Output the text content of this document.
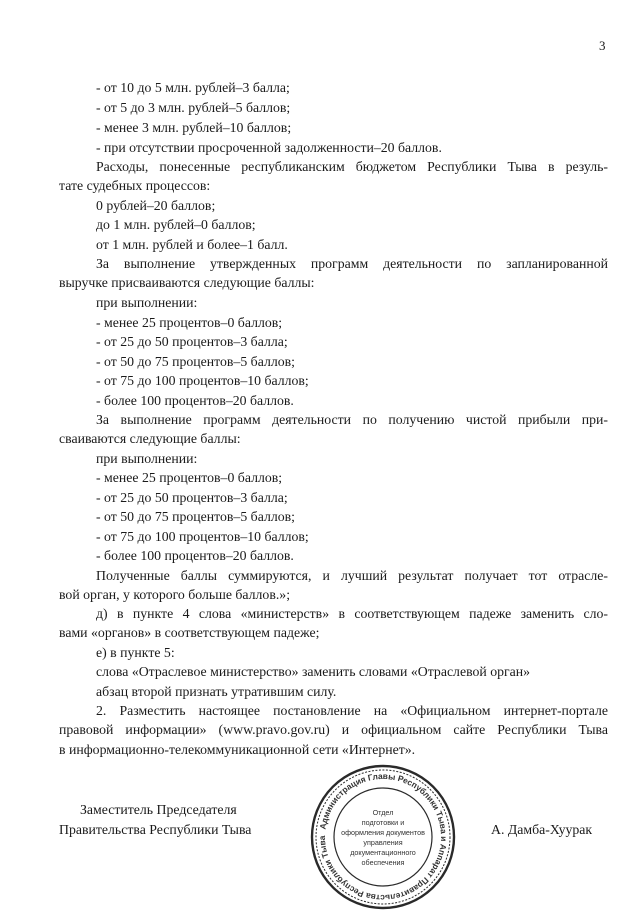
3
- от 10 до 5 млн. рублей–3 балла;
- от 5 до 3 млн. рублей–5 баллов;
- менее 3 млн. рублей–10 баллов;
- при отсутствии просроченной задолженности–20 баллов.
Расходы, понесенные республиканским бюджетом Республики Тыва в резуль-
тате судебных процессов:
0 рублей–20 баллов;
до 1 млн. рублей–0 баллов;
от 1 млн. рублей и более–1 балл.
За выполнение утвержденных программ деятельности по запланированной
выручке присваиваются следующие баллы:
при выполнении:
- менее 25 процентов–0 баллов;
- от 25 до 50 процентов–3 балла;
- от 50 до 75 процентов–5 баллов;
- от 75 до 100 процентов–10 баллов;
- более 100 процентов–20 баллов.
За выполнение программ деятельности по получению чистой прибыли при-
сваиваются следующие баллы:
при выполнении:
- менее 25 процентов–0 баллов;
- от 25 до 50 процентов–3 балла;
- от 50 до 75 процентов–5 баллов;
- от 75 до 100 процентов–10 баллов;
- более 100 процентов–20 баллов.
Полученные баллы суммируются, и лучший результат получает тот отрасле-
вой орган, у которого больше баллов.»;
д) в пункте 4 слова «министерств» в соответствующем падеже заменить сло-
вами «органов» в соответствующем падеже;
е) в пункте 5:
слова «Отраслевое министерство» заменить словами «Отраслевой орган»
абзац второй признать утратившим силу.
2. Разместить настоящее постановление на «Официальном интернет-портале
правовой информации» (www.pravo.gov.ru) и официальном сайте Республики Тыва
в информационно-телекоммуникационной сети «Интернет».
Заместитель Председателя
Правительства Республики Тыва	А. Дамба-Хуурак
Администрация Главы Республики Тыва и Аппарат Правительства Республики Тыва
Отдел
подготовки и
оформления документов
управления
документационного
обеспечения
